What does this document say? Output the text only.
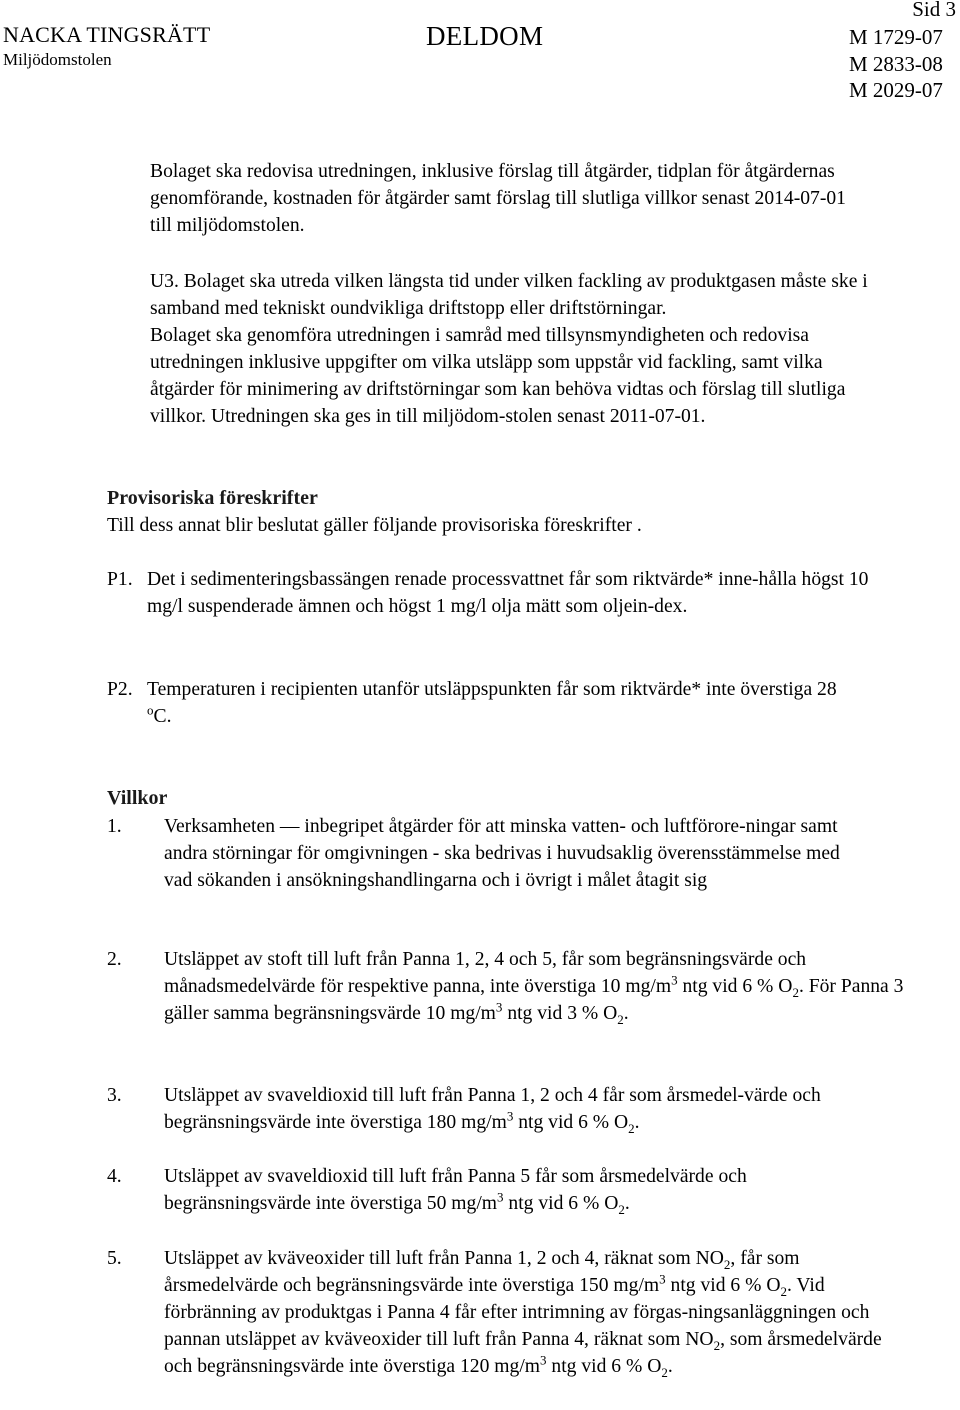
NACKA TINGSRÄTT
Miljödomstolen
DELDOM
Sid 3
M 1729-07
M 2833-08
M 2029-07

Bolaget ska redovisa utredningen, inklusive förslag till åtgärder, tidplan för åtgärdernas genomförande, kostnaden för åtgärder samt förslag till slutliga villkor senast 2014-07-01 till miljödomstolen.

U3. Bolaget ska utreda vilken längsta tid under vilken fackling av produktgasen måste ske i samband med tekniskt oundvikliga driftstopp eller driftstörningar.
Bolaget ska genomföra utredningen i samråd med tillsynsmyndigheten och redovisa utredningen inklusive uppgifter om vilka utsläpp som uppstår vid fackling, samt vilka åtgärder för minimering av driftstörningar som kan behöva vidtas och förslag till slutliga villkor. Utredningen ska ges in till miljödom-stolen senast 2011-07-01.
Provisoriska föreskrifter
Till dess annat blir beslutat gäller följande provisoriska föreskrifter .
P1. Det i sedimenteringsbassängen renade processvattnet får som riktvärde* inne-hålla högst 10 mg/l suspenderade ämnen och högst 1 mg/l olja mätt som oljein-dex.
P2. Temperaturen i recipienten utanför utsläppspunkten får som riktvärde* inte överstiga 28 $^o$C.
Villkor
1. Verksamheten — inbegripet åtgärder för att minska vatten- och luftförore-ningar samt andra störningar för omgivningen - ska bedrivas i huvudsaklig överensstämmelse med vad sökanden i ansökningshandlingarna och i övrigt i målet åtagit sig
2. Utsläppet av stoft till luft från Panna 1, 2, 4 och 5, får som begränsningsvärde och månadsmedelvärde för respektive panna, inte överstiga 10 $mg/m^3$ ntg vid 6 % $O_2$. För Panna 3 gäller samma begränsningsvärde 10 $mg/m^3$ ntg vid 3 % $O_2$.
3. Utsläppet av svaveldioxid till luft från Panna 1, 2 och 4 får som årsmedel-värde och begränsningsvärde inte överstiga 180 $mg/m^3$ ntg vid 6 % $O_2$.
4. Utsläppet av svaveldioxid till luft från Panna 5 får som årsmedelvärde och begränsningsvärde inte överstiga 50 $mg/m^3$ ntg vid 6 % $O_2$.
5. Utsläppet av kväveoxider till luft från Panna 1, 2 och 4, räknat som $NO_2$, får som årsmedelvärde och begränsningsvärde inte överstiga 150 $mg/m^3$ ntg vid 6 % $O_2$. Vid förbränning av produktgas i Panna 4 får efter intrimning av förgas-ningsanläggningen och pannan utsläppet av kväveoxider till luft från Panna 4, räknat som $NO_2$, som årsmedelvärde och begränsningsvärde inte överstiga 120 $mg/m^3$ ntg vid 6 % $O_2$.
